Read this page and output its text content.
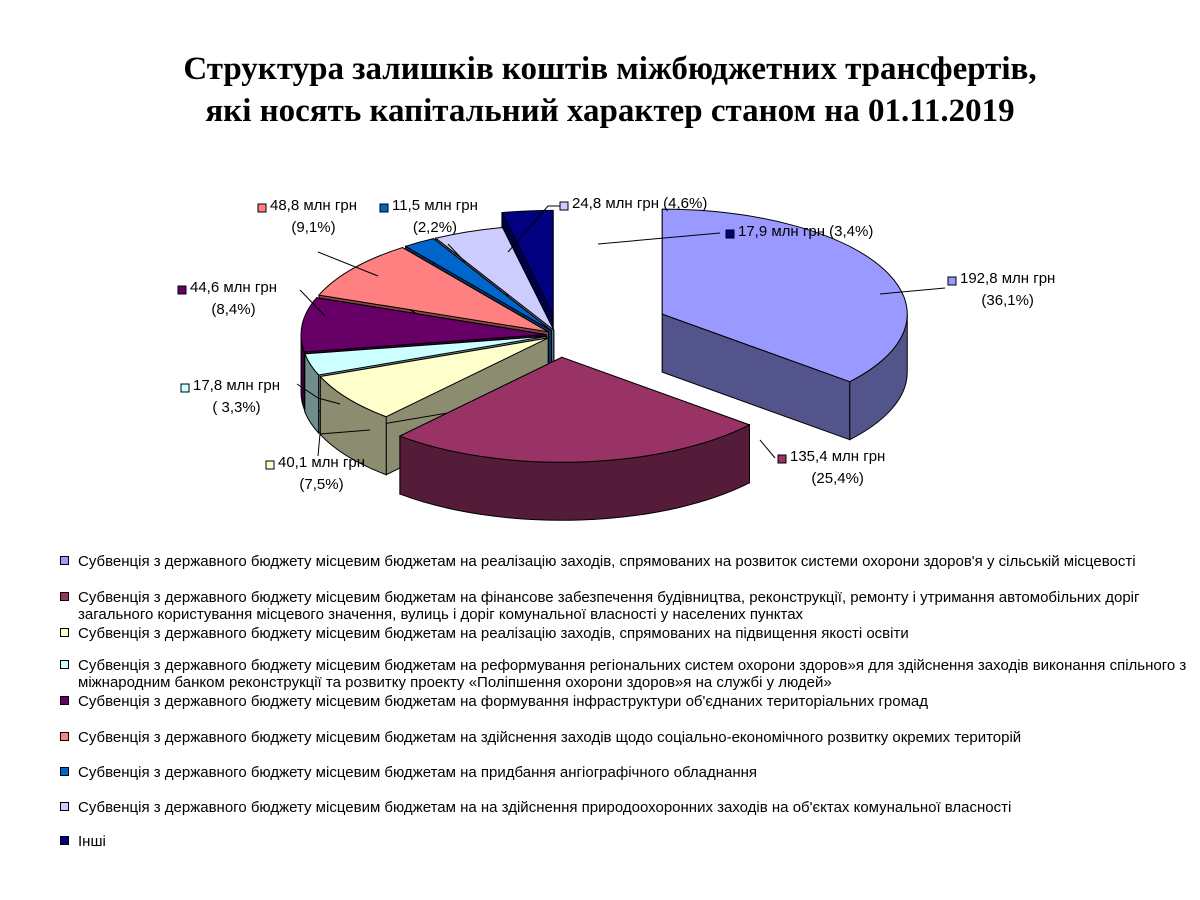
Структура залишків коштів міжбюджетних трансфертів,
які носять капітальний характер станом на 01.11.2019
192,8 млн грн
(36,1%)
135,4 млн грн
(25,4%)
40,1 млн грн
(7,5%)
17,8 млн грн
( 3,3%)
44,6 млн грн
(8,4%)
48,8 млн грн
(9,1%)
11,5 млн грн
(2,2%)
24,8 млн грн (4,6%)
17,9 млн грн (3,4%)
Субвенція з державного бюджету місцевим бюджетам на реалізацію заходів, спрямованих на розвиток системи охорони здоров'я у сільській місцевості
Субвенція з державного бюджету місцевим бюджетам на фінансове забезпечення будівництва, реконструкції, ремонту і утримання автомобільних доріг загального користування місцевого значення, вулиць і доріг комунальної власності у населених пунктах
Субвенція з державного бюджету місцевим бюджетам на реалізацію заходів, спрямованих на підвищення якості освіти
Субвенція з державного бюджету місцевим бюджетам на реформування регіональних систем охорони здоров»я для здійснення заходів виконання спільного з міжнародним банком реконструкції та розвитку проекту «Поліпшення охорони здоров»я на службі у людей»
Субвенція з державного бюджету місцевим бюджетам на формування інфраструктури об'єднаних територіальних громад
Субвенція з державного бюджету місцевим бюджетам на здійснення заходів щодо соціально-економічного розвитку окремих територій
Субвенція з державного бюджету місцевим бюджетам на придбання ангіографічного обладнання
Субвенція з державного бюджету місцевим бюджетам на на здійснення природоохоронних заходів на об'єктах комунальної власності
Інші
